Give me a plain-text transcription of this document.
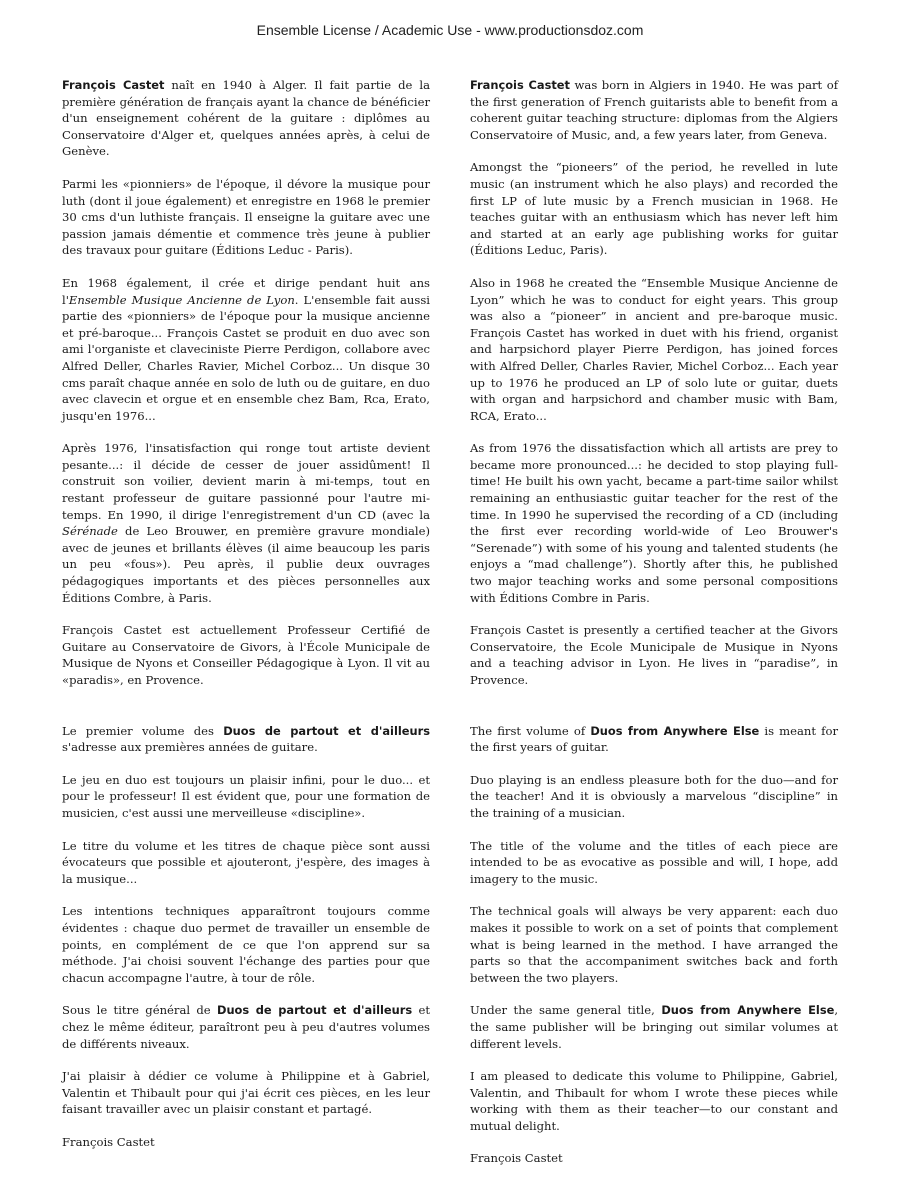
Ensemble License / Academic Use - www.productionsdoz.com

François Castet naît en 1940 à Alger. Il fait partie de la première génération de français ayant la chance de bénéficier d'un enseignement cohérent de la guitare : diplômes au Conservatoire d'Alger et, quelques années après, à celui de Genève.

Parmi les «pionniers» de l'époque, il dévore la musique pour luth (dont il joue également) et enregistre en 1968 le premier 30 cms d'un luthiste français. Il enseigne la guitare avec une passion jamais démentie et commence très jeune à publier des travaux pour guitare (Éditions Leduc - Paris).

En 1968 également, il crée et dirige pendant huit ans l'Ensemble Musique Ancienne de Lyon. L'ensemble fait aussi partie des «pionniers» de l'époque pour la musique ancienne et pré-baroque... François Castet se produit en duo avec son ami l'organiste et claveciniste Pierre Perdigon, collabore avec Alfred Deller, Charles Ravier, Michel Corboz... Un disque 30 cms paraît chaque année en solo de luth ou de guitare, en duo avec clavecin et orgue et en ensemble chez Bam, Rca, Erato, jusqu'en 1976...

Après 1976, l'insatisfaction qui ronge tout artiste devient pesante...: il décide de cesser de jouer assidûment! Il construit son voilier, devient marin à mi-temps, tout en restant professeur de guitare passionné pour l'autre mi-temps. En 1990, il dirige l'enregistrement d'un CD (avec la Sérénade de Leo Brouwer, en première gravure mondiale) avec de jeunes et brillants élèves (il aime beaucoup les paris un peu «fous»). Peu après, il publie deux ouvrages pédagogiques importants et des pièces personnelles aux Éditions Combre, à Paris.

François Castet est actuellement Professeur Certifié de Guitare au Conservatoire de Givors, à l'École Municipale de Musique de Nyons et Conseiller Pédagogique à Lyon. Il vit au «paradis», en Provence.

Le premier volume des Duos de partout et d'ailleurs s'adresse aux premières années de guitare.

Le jeu en duo est toujours un plaisir infini, pour le duo... et pour le professeur! Il est évident que, pour une formation de musicien, c'est aussi une merveilleuse «discipline».

Le titre du volume et les titres de chaque pièce sont aussi évocateurs que possible et ajouteront, j'espère, des images à la musique...

Les intentions techniques apparaîtront toujours comme évidentes : chaque duo permet de travailler un ensemble de points, en complément de ce que l'on apprend sur sa méthode. J'ai choisi souvent l'échange des parties pour que chacun accompagne l'autre, à tour de rôle.

Sous le titre général de Duos de partout et d'ailleurs et chez le même éditeur, paraîtront peu à peu d'autres volumes de différents niveaux.

J'ai plaisir à dédier ce volume à Philippine et à Gabriel, Valentin et Thibault pour qui j'ai écrit ces pièces, en les leur faisant travailler avec un plaisir constant et partagé.

François Castet

François Castet was born in Algiers in 1940. He was part of the first generation of French guitarists able to benefit from a coherent guitar teaching structure: diplomas from the Algiers Conservatoire of Music, and, a few years later, from Geneva.

Amongst the “pioneers” of the period, he revelled in lute music (an instrument which he also plays) and recorded the first LP of lute music by a French musician in 1968. He teaches guitar with an enthusiasm which has never left him and started at an early age publishing works for guitar (Éditions Leduc, Paris).

Also in 1968 he created the “Ensemble Musique Ancienne de Lyon” which he was to conduct for eight years. This group was also a “pioneer” in ancient and pre-baroque music. François Castet has worked in duet with his friend, organist and harpsichord player Pierre Perdigon, has joined forces with Alfred Deller, Charles Ravier, Michel Corboz... Each year up to 1976 he produced an LP of solo lute or guitar, duets with organ and harpsichord and chamber music with Bam, RCA, Erato...

As from 1976 the dissatisfaction which all artists are prey to became more pronounced...: he decided to stop playing full-time! He built his own yacht, became a part-time sailor whilst remaining an enthusiastic guitar teacher for the rest of the time. In 1990 he supervised the recording of a CD (including the first ever recording world-wide of Leo Brouwer's “Serenade”) with some of his young and talented students (he enjoys a “mad challenge”). Shortly after this, he published two major teaching works and some personal compositions with Éditions Combre in Paris.

François Castet is presently a certified teacher at the Givors Conservatoire, the Ecole Municipale de Musique in Nyons and a teaching advisor in Lyon. He lives in “paradise”, in Provence.

The first volume of Duos from Anywhere Else is meant for the first years of guitar.

Duo playing is an endless pleasure both for the duo—and for the teacher! And it is obviously a marvelous “discipline” in the training of a musician.

The title of the volume and the titles of each piece are intended to be as evocative as possible and will, I hope, add imagery to the music.

The technical goals will always be very apparent: each duo makes it possible to work on a set of points that complement what is being learned in the method. I have arranged the parts so that the accompaniment switches back and forth between the two players.

Under the same general title, Duos from Anywhere Else, the same publisher will be bringing out similar volumes at different levels.

I am pleased to dedicate this volume to Philippine, Gabriel, Valentin, and Thibault for whom I wrote these pieces while working with them as their teacher—to our constant and mutual delight.

François Castet
